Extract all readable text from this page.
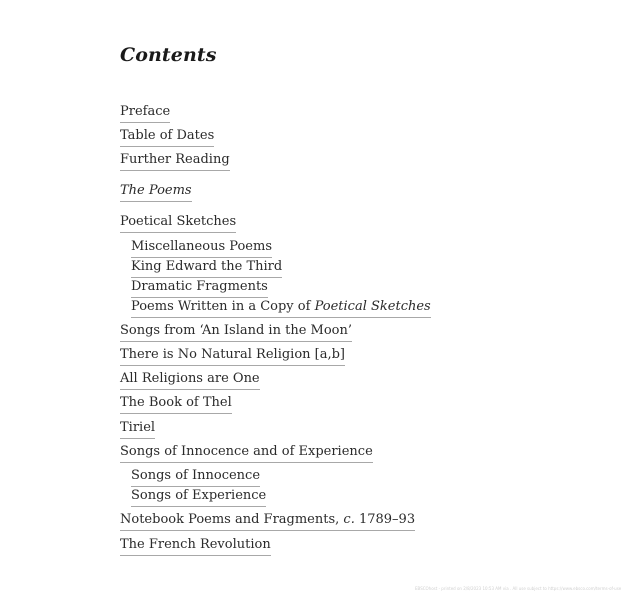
Contents
Preface
Table of Dates
Further Reading
The Poems
Poetical Sketches
Miscellaneous Poems
King Edward the Third
Dramatic Fragments
Poems Written in a Copy of Poetical Sketches
Songs from ‘An Island in the Moon’
There is No Natural Religion [a,b]
All Religions are One
The Book of Thel
Tiriel
Songs of Innocence and of Experience
Songs of Innocence
Songs of Experience
Notebook Poems and Fragments, c. 1789–93
The French Revolution
EBSCOhost - printed on 2/8/2023 10:53 AM via . All use subject to https://www.ebsco.com/terms-of-use
